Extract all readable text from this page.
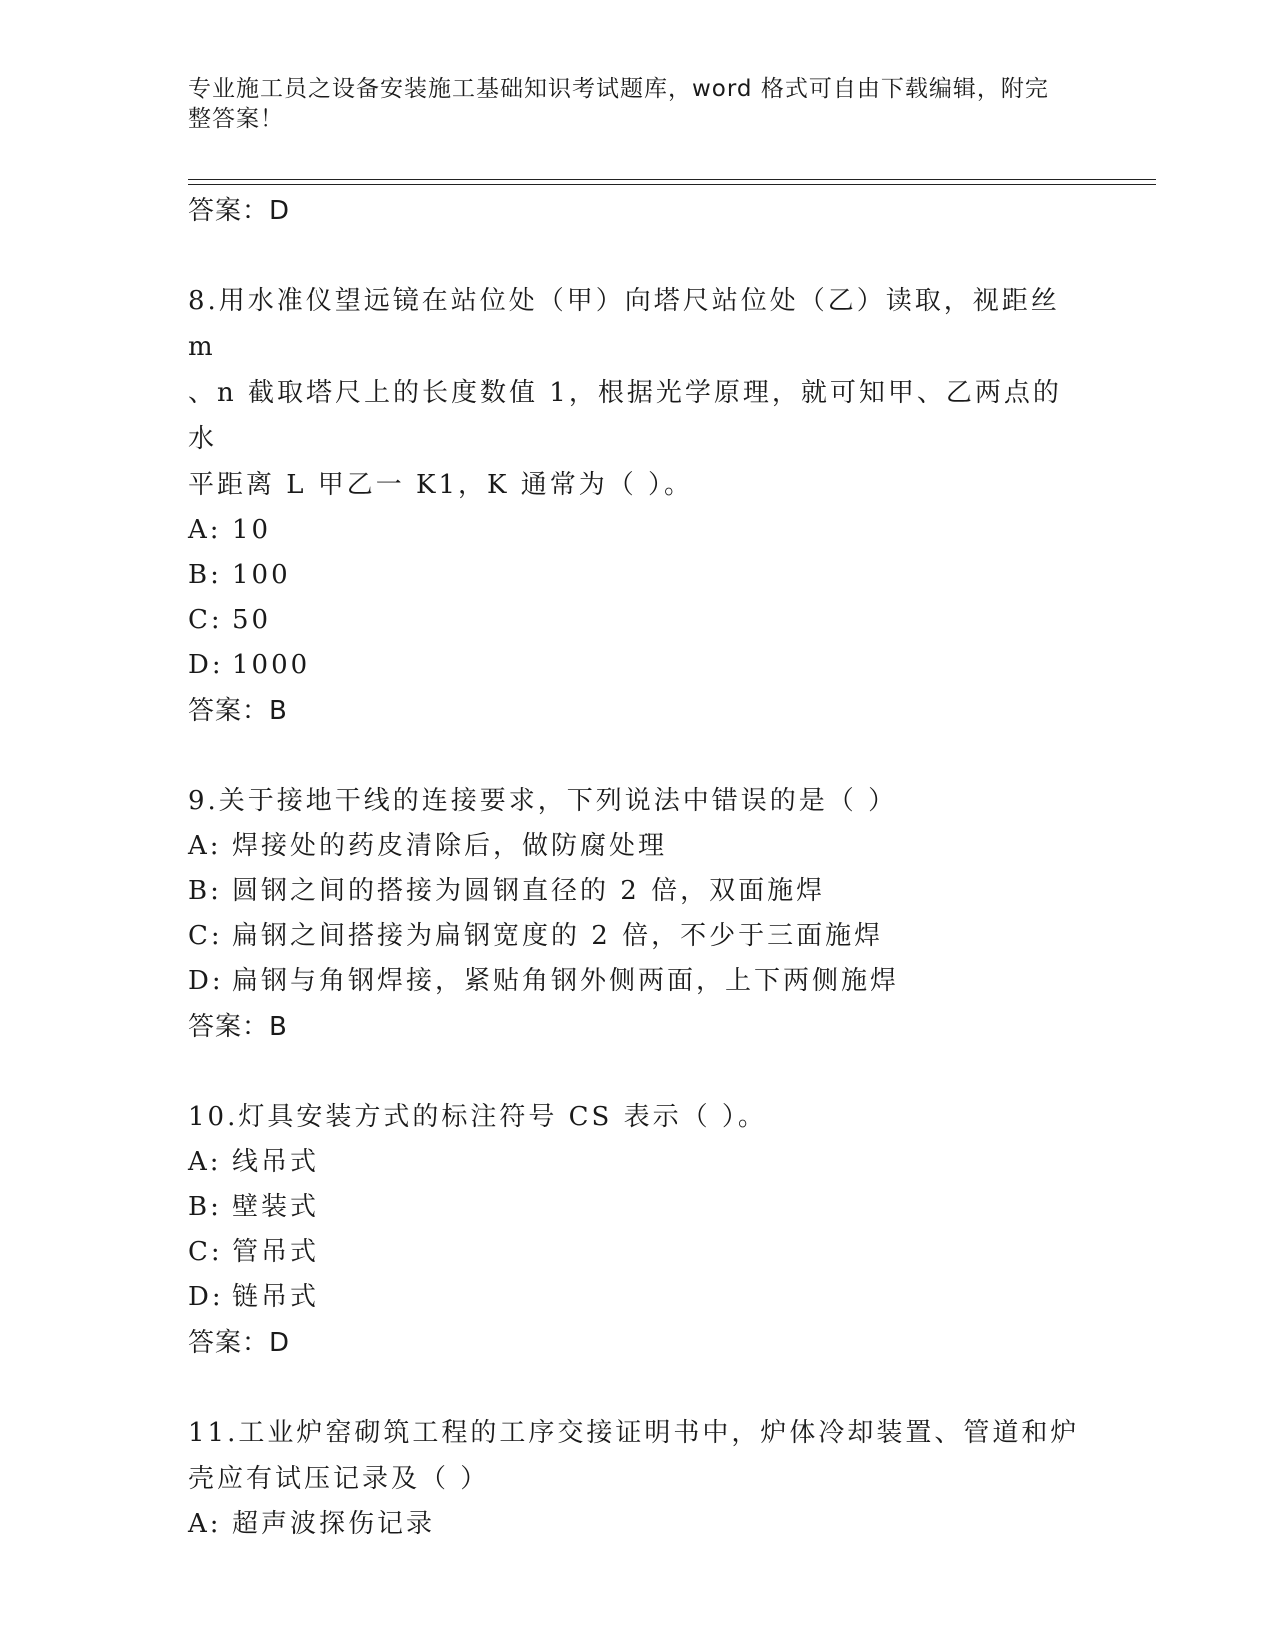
专业施工员之设备安装施工基础知识考试题库，word 格式可自由下载编辑，附完
整答案！
答案：D
8.用水准仪望远镜在站位处（甲）向塔尺站位处（乙）读取，视距丝 m
、n 截取塔尺上的长度数值 1，根据光学原理，就可知甲、乙两点的水
平距离 L 甲乙一 K1，K 通常为（ ）。
A: 10
B: 100
C: 50
D: 1000
答案：B
9.关于接地干线的连接要求，下列说法中错误的是（ ）
A: 焊接处的药皮清除后，做防腐处理
B: 圆钢之间的搭接为圆钢直径的 2 倍，双面施焊
C: 扁钢之间搭接为扁钢宽度的 2 倍，不少于三面施焊
D: 扁钢与角钢焊接，紧贴角钢外侧两面，上下两侧施焊
答案：B
10.灯具安装方式的标注符号 CS 表示（ ）。
A: 线吊式
B: 壁装式
C: 管吊式
D: 链吊式
答案：D
11.工业炉窑砌筑工程的工序交接证明书中，炉体冷却装置、管道和炉
壳应有试压记录及（ ）
A: 超声波探伤记录
